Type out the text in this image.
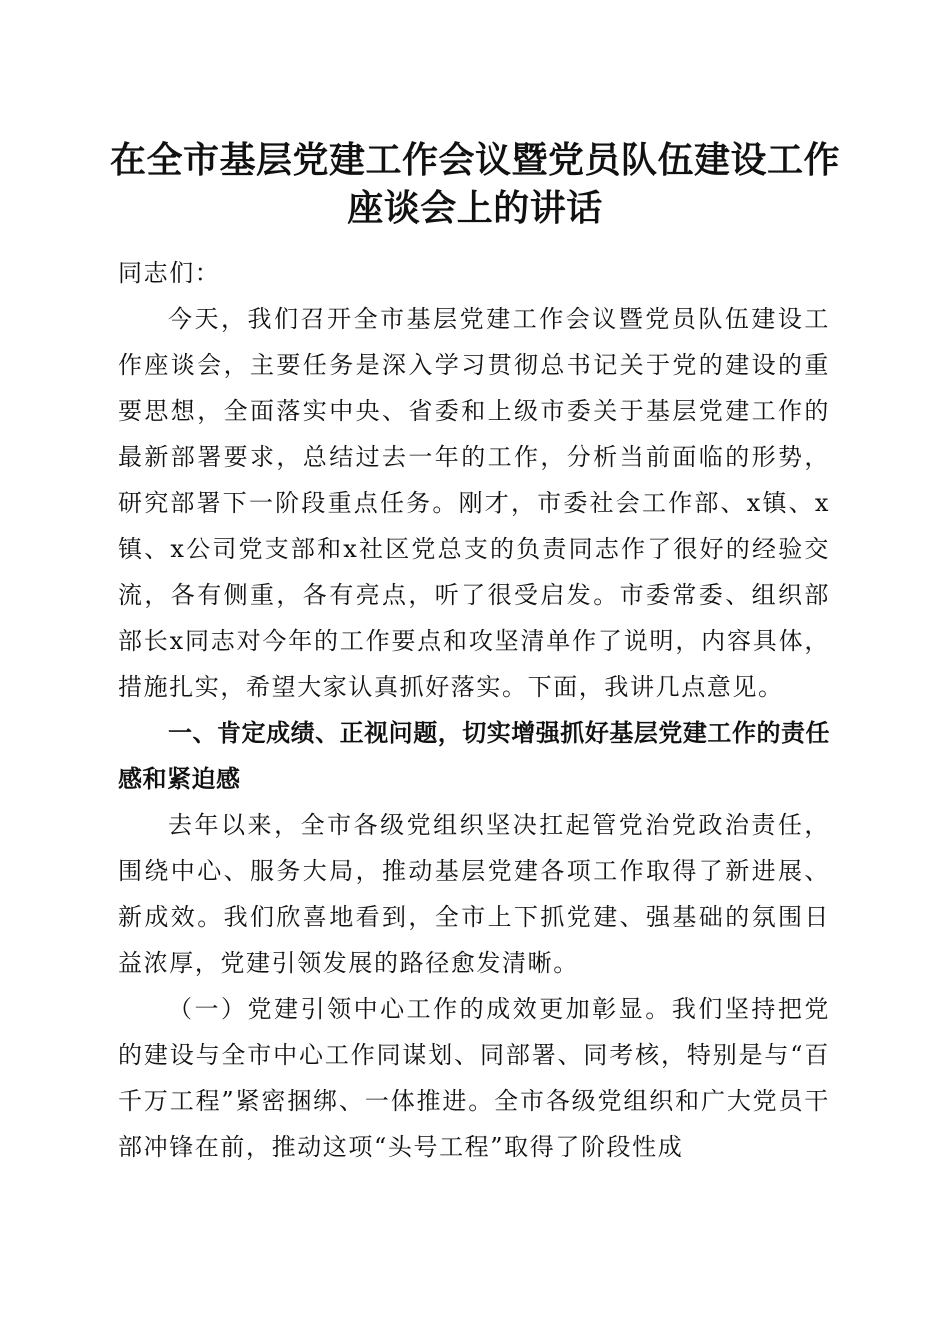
在全市基层党建工作会议暨党员队伍建设工作
座谈会上的讲话

同志们：

今天，我们召开全市基层党建工作会议暨党员队伍建设工作座谈会，主要任务是深入学习贯彻总书记关于党的建设的重要思想，全面落实中央、省委和上级市委关于基层党建工作的最新部署要求，总结过去一年的工作，分析当前面临的形势，研究部署下一阶段重点任务。刚才，市委社会工作部、x镇、x镇、x公司党支部和x社区党总支的负责同志作了很好的经验交流，各有侧重，各有亮点，听了很受启发。市委常委、组织部部长x同志对今年的工作要点和攻坚清单作了说明，内容具体，措施扎实，希望大家认真抓好落实。下面，我讲几点意见。

一、肯定成绩、正视问题，切实增强抓好基层党建工作的责任感和紧迫感

去年以来，全市各级党组织坚决扛起管党治党政治责任，围绕中心、服务大局，推动基层党建各项工作取得了新进展、新成效。我们欣喜地看到，全市上下抓党建、强基础的氛围日益浓厚，党建引领发展的路径愈发清晰。

（一）党建引领中心工作的成效更加彰显。我们坚持把党的建设与全市中心工作同谋划、同部署、同考核，特别是与“百千万工程”紧密捆绑、一体推进。全市各级党组织和广大党员干部冲锋在前，推动这项“头号工程”取得了阶段性成
